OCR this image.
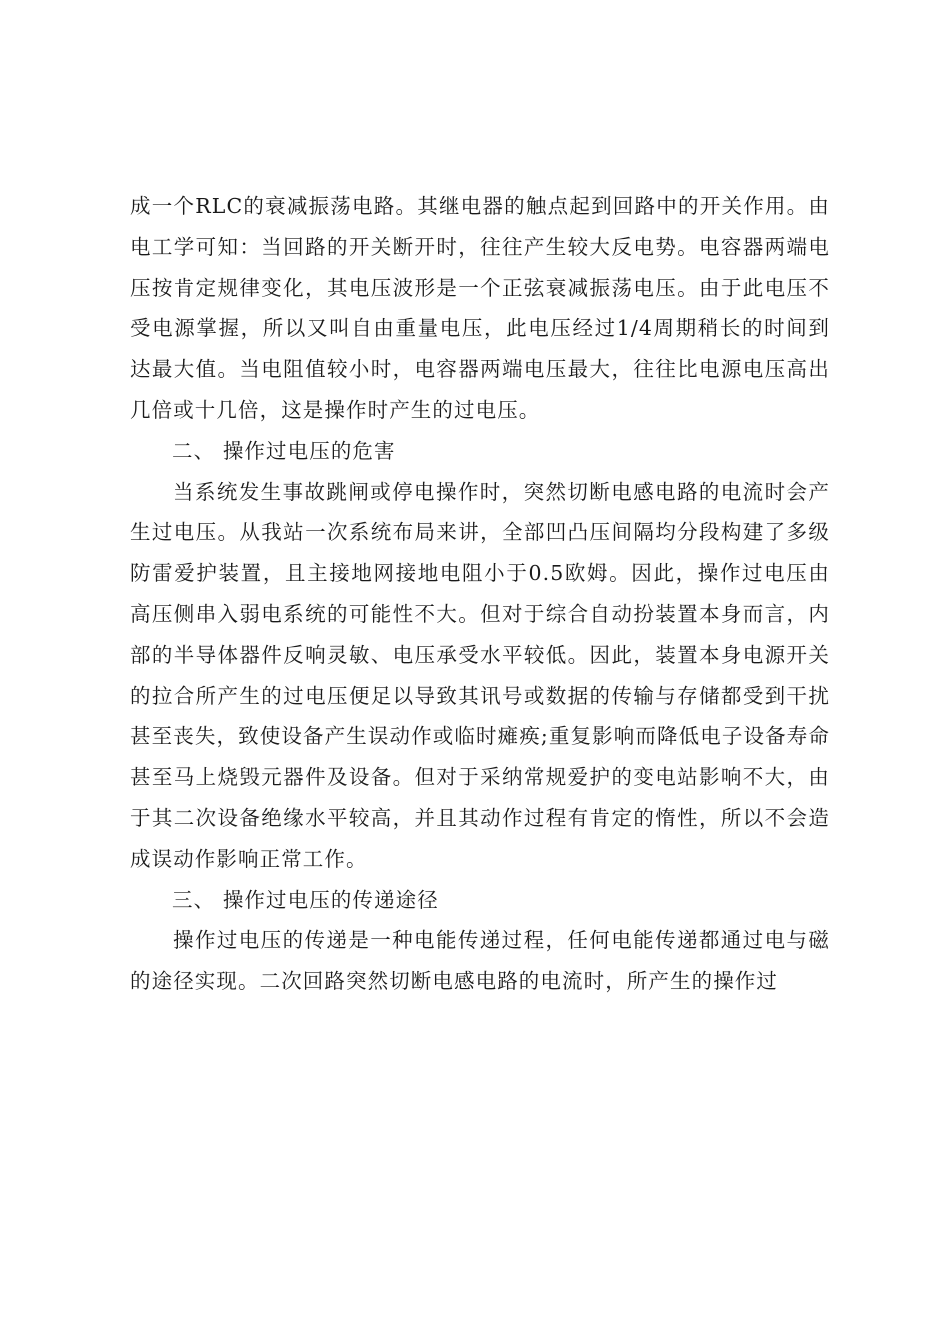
成一个RLC的衰减振荡电路。其继电器的触点起到回路中的开关作用。由电工学可知：当回路的开关断开时，往往产生较大反电势。电容器两端电压按肯定规律变化，其电压波形是一个正弦衰减振荡电压。由于此电压不受电源掌握，所以又叫自由重量电压，此电压经过1/4周期稍长的时间到达最大值。当电阻值较小时，电容器两端电压最大，往往比电源电压高出几倍或十几倍，这是操作时产生的过电压。

二、 操作过电压的危害

当系统发生事故跳闸或停电操作时，突然切断电感电路的电流时会产生过电压。从我站一次系统布局来讲，全部凹凸压间隔均分段构建了多级防雷爱护装置，且主接地网接地电阻小于0.5欧姆。因此，操作过电压由高压侧串入弱电系统的可能性不大。但对于综合自动扮装置本身而言，内部的半导体器件反响灵敏、电压承受水平较低。因此，装置本身电源开关的拉合所产生的过电压便足以导致其讯号或数据的传输与存储都受到干扰甚至丧失，致使设备产生误动作或临时瘫痪;重复影响而降低电子设备寿命甚至马上烧毁元器件及设备。但对于采纳常规爱护的变电站影响不大，由于其二次设备绝缘水平较高，并且其动作过程有肯定的惰性，所以不会造成误动作影响正常工作。

三、 操作过电压的传递途径

操作过电压的传递是一种电能传递过程，任何电能传递都通过电与磁的途径实现。二次回路突然切断电感电路的电流时，所产生的操作过
